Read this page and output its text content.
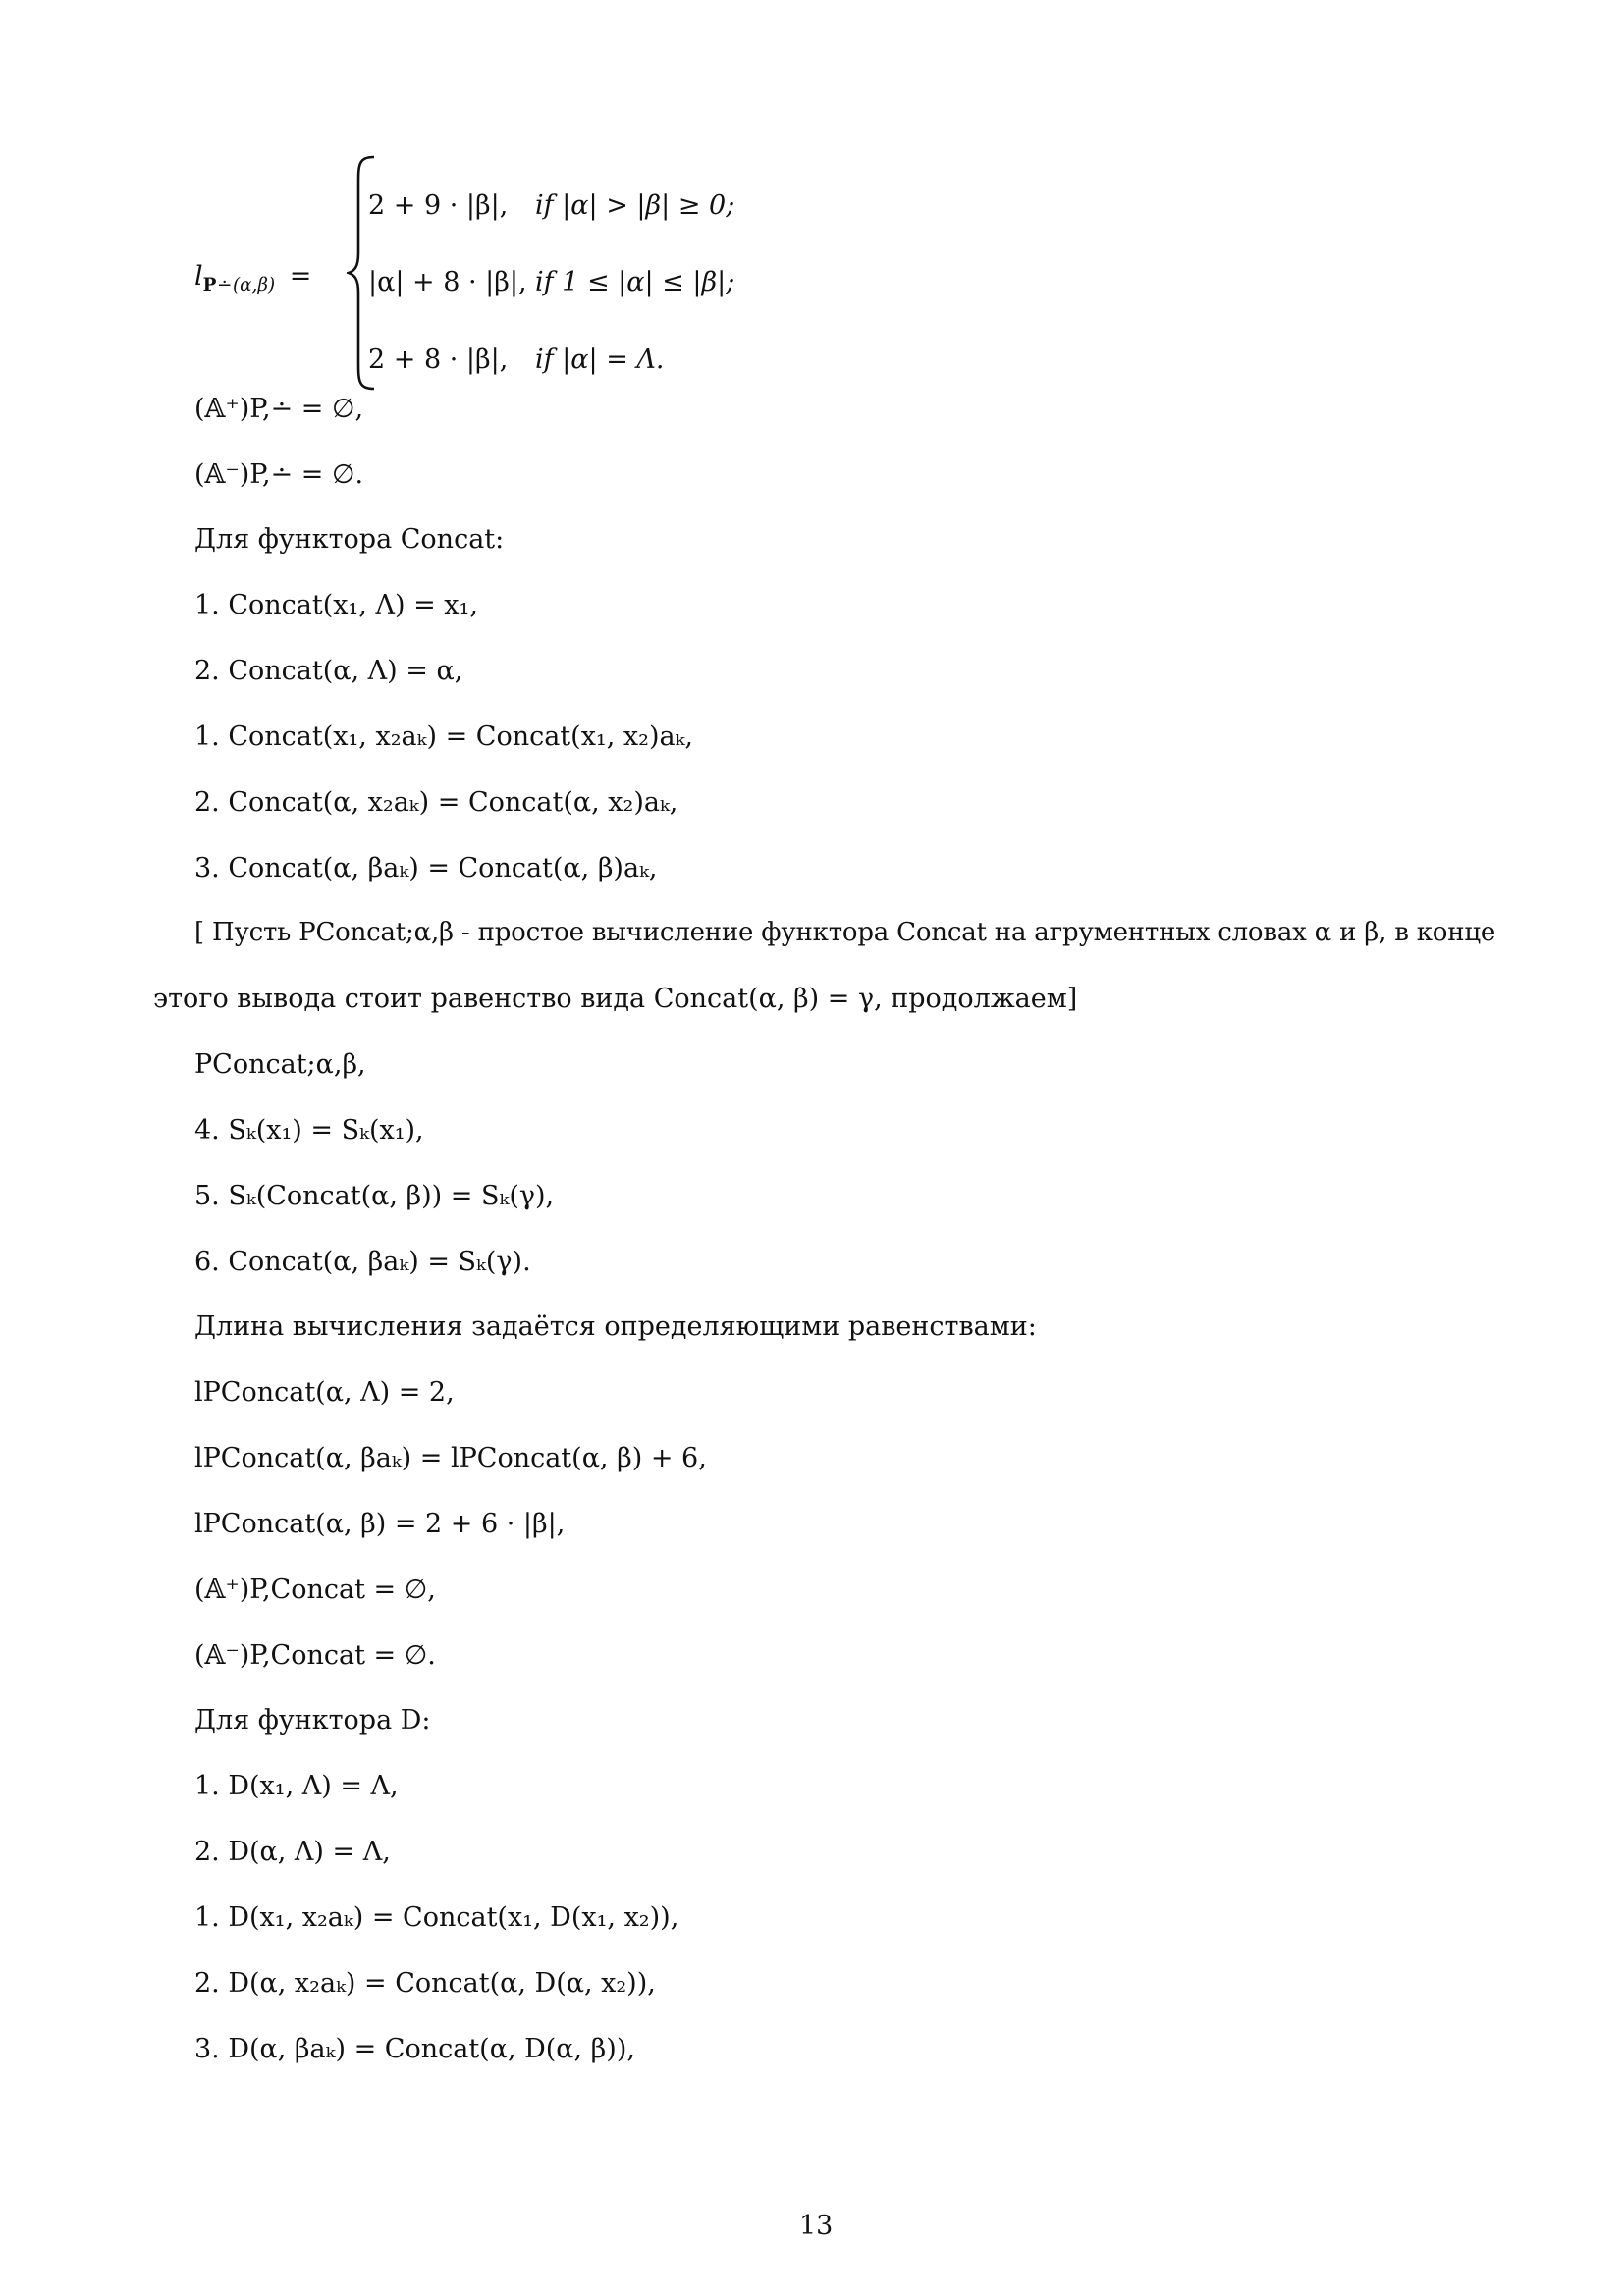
$l_{P∸(\alpha,\beta)}$ =
2 + 9 · |β|, if |α| > |β| ≥ 0;
|α| + 8 · |β|, if 1 ≤ |α| ≤ |β|;
2 + 8 · |β|, if |α| = Λ.
(𝔸⁺)P,∸ = ∅,
(𝔸⁻)P,∸ = ∅.
Для функтора Concat:
1. Concat(x₁, Λ) = x₁,
2. Concat(α, Λ) = α,
1. Concat(x₁, x₂aₖ) = Concat(x₁, x₂)aₖ,
2. Concat(α, x₂aₖ) = Concat(α, x₂)aₖ,
3. Concat(α, βaₖ) = Concat(α, β)aₖ,
[ Пусть PConcat;α,β - простое вычисление функтора Concat на агрументных словах α и β, в конце
этого вывода стоит равенство вида Concat(α, β) = γ, продолжаем]
PConcat;α,β,
4. Sₖ(x₁) = Sₖ(x₁),
5. Sₖ(Concat(α, β)) = Sₖ(γ),
6. Concat(α, βaₖ) = Sₖ(γ).
Длина вычисления задаётся определяющими равенствами:
lPConcat(α, Λ) = 2,
lPConcat(α, βaₖ) = lPConcat(α, β) + 6,
lPConcat(α, β) = 2 + 6 · |β|,
(𝔸⁺)P,Concat = ∅,
(𝔸⁻)P,Concat = ∅.
Для функтора D:
1. D(x₁, Λ) = Λ,
2. D(α, Λ) = Λ,
1. D(x₁, x₂aₖ) = Concat(x₁, D(x₁, x₂)),
2. D(α, x₂aₖ) = Concat(α, D(α, x₂)),
3. D(α, βaₖ) = Concat(α, D(α, β)),
13
